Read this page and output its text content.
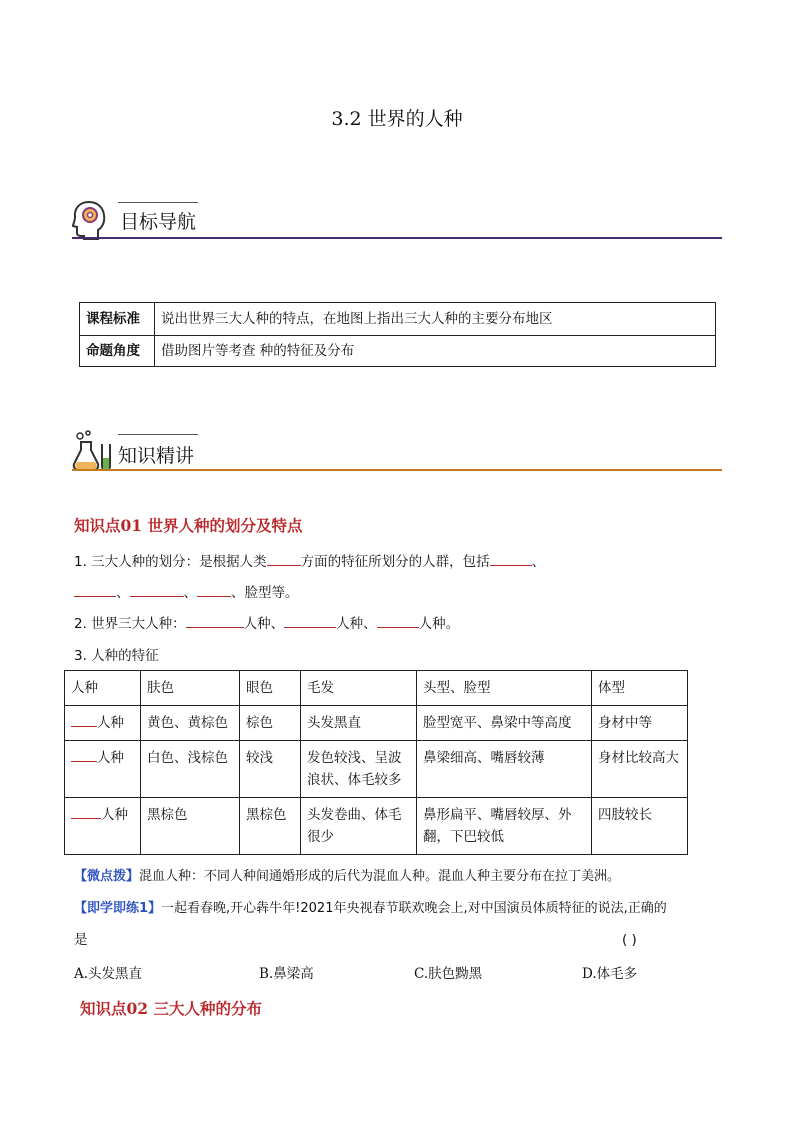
3.2 世界的人种
目标导航
课程标准	说出世界三大人种的特点，在地图上指出三大人种的主要分布地区
命题角度	借助图片等考查 种的特征及分布
知识精讲
知识点01 世界人种的划分及特点
1. 三大人种的划分：是根据人类	方面的特征所划分的人群，包括	、
、	、	、脸型等。
2. 世界三大人种：	人种、	人种、	人种。
3. 人种的特征
人种	肤色	眼色	毛发	头型、脸型	体型
人种	黄色、黄棕色	棕色	头发黑直	脸型宽平、鼻梁中等高度	身材中等
人种	白色、浅棕色	较浅	发色较浅、呈波浪状、体毛较多	鼻梁细高、嘴唇较薄	身材比较高大
人种	黑棕色	黑棕色	头发卷曲、体毛很少	鼻形扁平、嘴唇较厚、外翻，下巴较低	四肢较长
【微点拨】混血人种：不同人种间通婚形成的后代为混血人种。混血人种主要分布在拉丁美洲。
【即学即练1】一起看春晚,开心犇牛年!2021年央视春节联欢晚会上,对中国演员体质特征的说法,正确的
是	( )
A.头发黑直	B.鼻梁高	C.肤色黝黑	D.体毛多
知识点02 三大人种的分布
